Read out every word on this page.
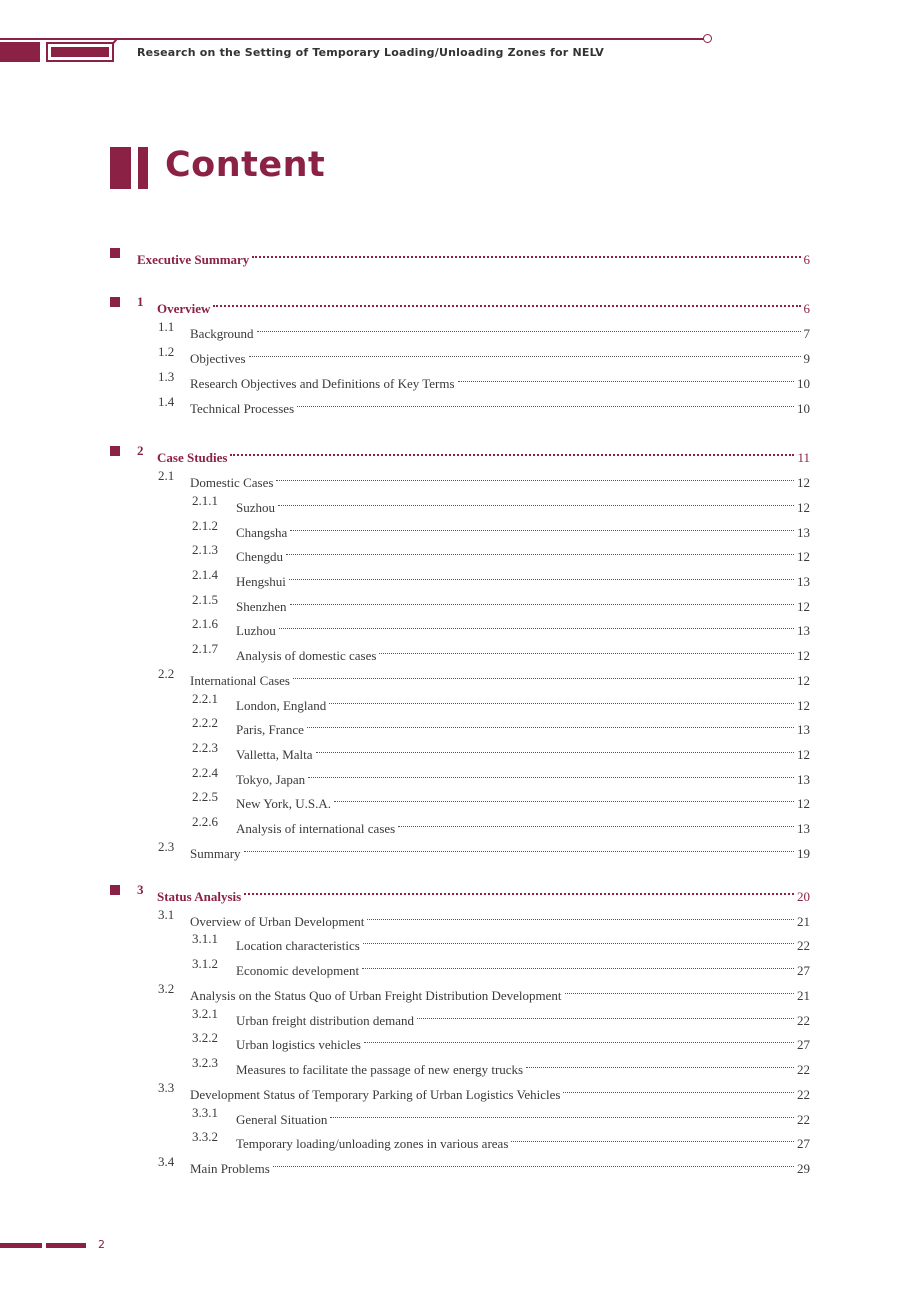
Research on the Setting of Temporary Loading/Unloading Zones for NELV
Content
Executive Summary	6
1 Overview	6
1.1 Background	7
1.2 Objectives	9
1.3 Research Objectives and Definitions of Key Terms	10
1.4 Technical Processes	10
2 Case Studies	11
2.1 Domestic Cases	12
2.1.1 Suzhou	12
2.1.2 Changsha	13
2.1.3 Chengdu	12
2.1.4 Hengshui	13
2.1.5 Shenzhen	12
2.1.6 Luzhou	13
2.1.7 Analysis of domestic cases	12
2.2 International Cases	12
2.2.1 London, England	12
2.2.2 Paris, France	13
2.2.3 Valletta, Malta	12
2.2.4 Tokyo, Japan	13
2.2.5 New York, U.S.A.	12
2.2.6 Analysis of international cases	13
2.3 Summary	19
3 Status Analysis	20
3.1 Overview of Urban Development	21
3.1.1 Location characteristics	22
3.1.2 Economic development	27
3.2 Analysis on the Status Quo of Urban Freight Distribution Development	21
3.2.1 Urban freight distribution demand	22
3.2.2 Urban logistics vehicles	27
3.2.3 Measures to facilitate the passage of new energy trucks	22
3.3 Development Status of Temporary Parking of Urban Logistics Vehicles	22
3.3.1 General Situation	22
3.3.2 Temporary loading/unloading zones in various areas	27
3.4 Main Problems	29
2
